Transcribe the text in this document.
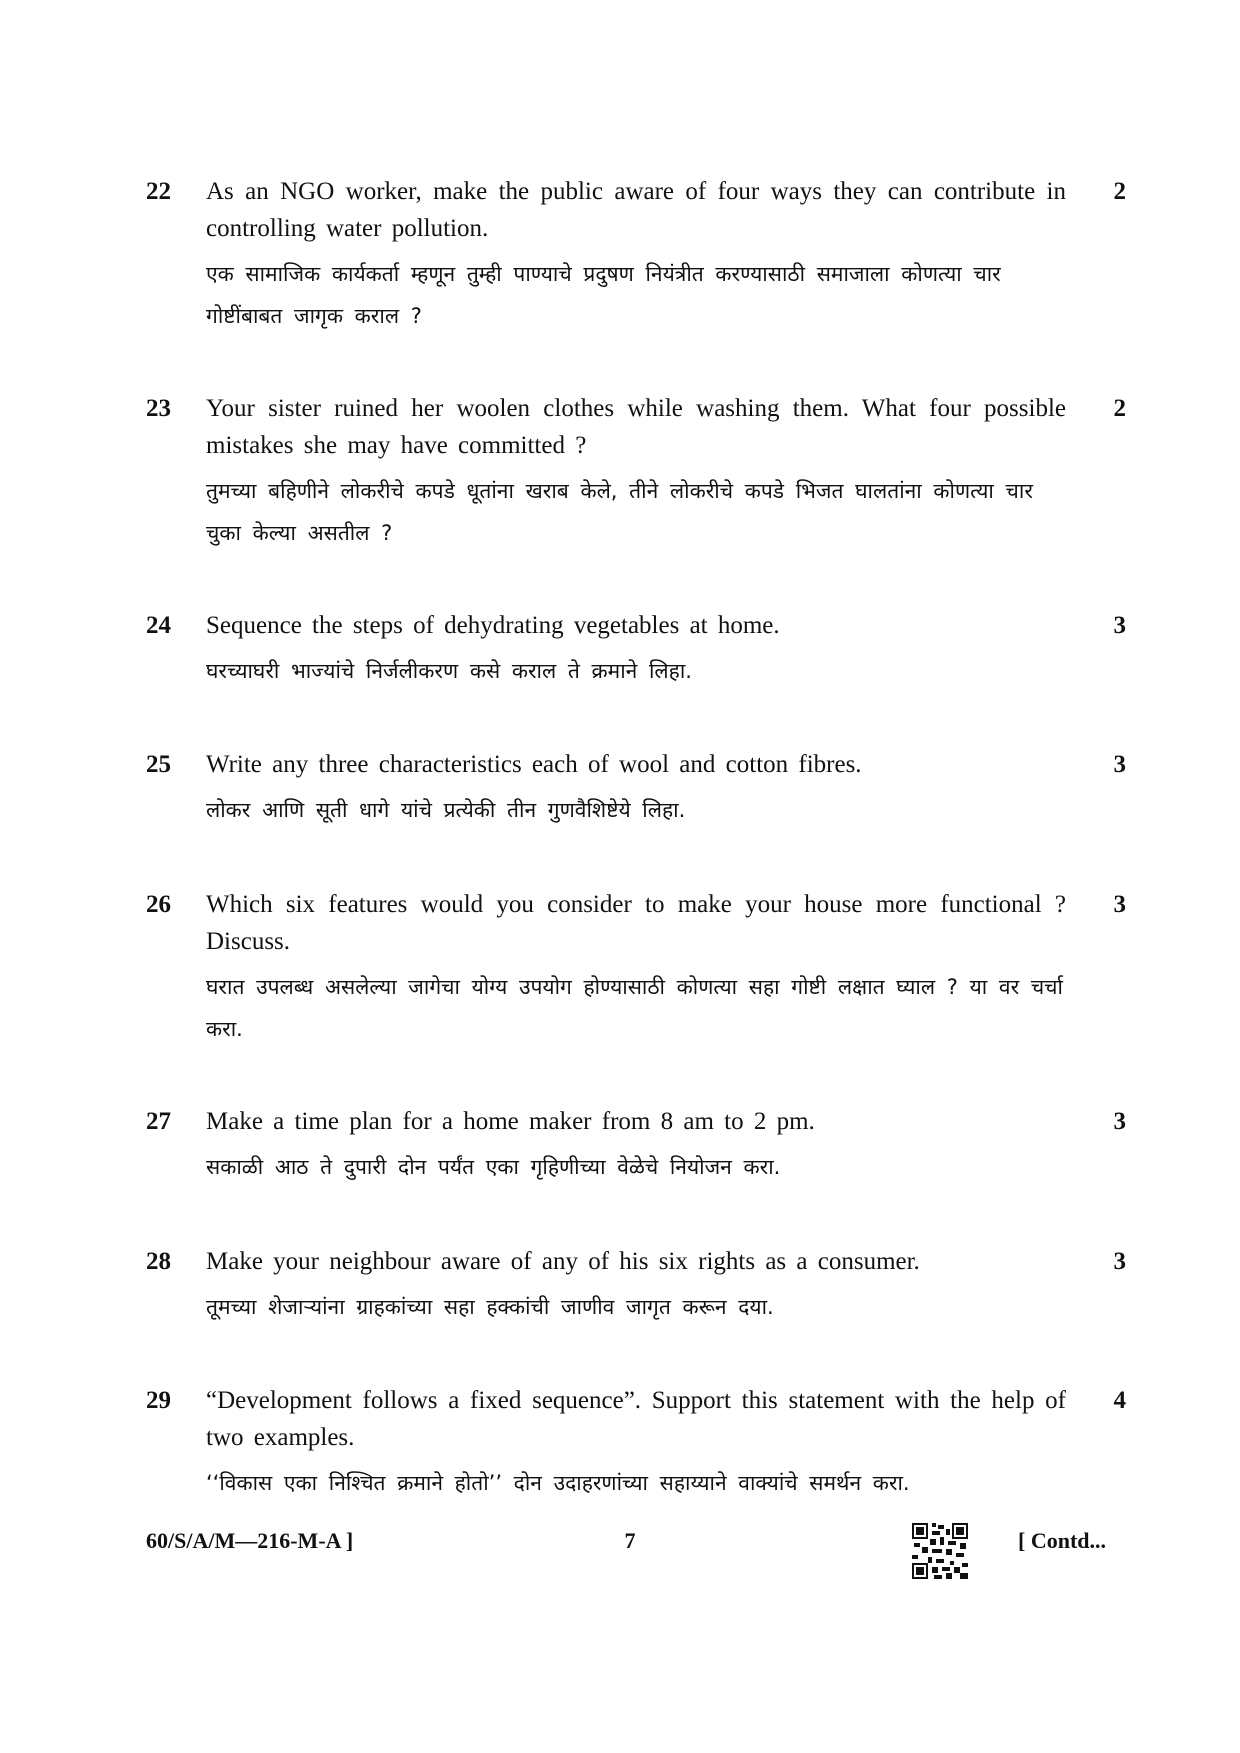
22	As an NGO worker, make the public aware of four ways they can contribute in controlling water pollution.

एक सामाजिक कार्यकर्ता म्हणून तुम्ही पाण्याचे प्रदुषण नियंत्रीत करण्यासाठी समाजाला कोणत्या चार गोष्टींबाबत जागृक कराल ?

2
23	Your sister ruined her woolen clothes while washing them. What four possible mistakes she may have committed ?

तुमच्या बहिणीने लोकरीचे कपडे धूतांना खराब केले, तीने लोकरीचे कपडे भिजत घालतांना कोणत्या चार चुका केल्या असतील ?

2
24	Sequence the steps of dehydrating vegetables at home.

घरच्याघरी भाज्यांचे निर्जलीकरण कसे कराल ते क्रमाने लिहा.

3
25	Write any three characteristics each of wool and cotton fibres.

लोकर आणि सूती धागे यांचे प्रत्येकी तीन गुणवैशिष्टेये लिहा.

3
26	Which six features would you consider to make your house more functional ? Discuss.

घरात उपलब्ध असलेल्या जागेचा योग्य उपयोग होण्यासाठी कोणत्या सहा गोष्टी लक्षात घ्याल ? या वर चर्चा करा.

3
27	Make a time plan for a home maker from 8 am to 2 pm.

सकाळी आठ ते दुपारी दोन पर्यंत एका गृहिणीच्या वेळेचे नियोजन करा.

3
28	Make your neighbour aware of any of his six rights as a consumer.

तूमच्या शेजाऱ्यांना ग्राहकांच्या सहा हक्कांची जाणीव जागृत करून दया.

3
29	“Development follows a fixed sequence”. Support this statement with the help of two examples.

‘‘विकास एका निश्चित क्रमाने होतो’’ दोन उदाहरणांच्या सहाय्याने वाक्यांचे समर्थन करा.

4
60/S/A/M—216-M-A ]	7	[ Contd...
